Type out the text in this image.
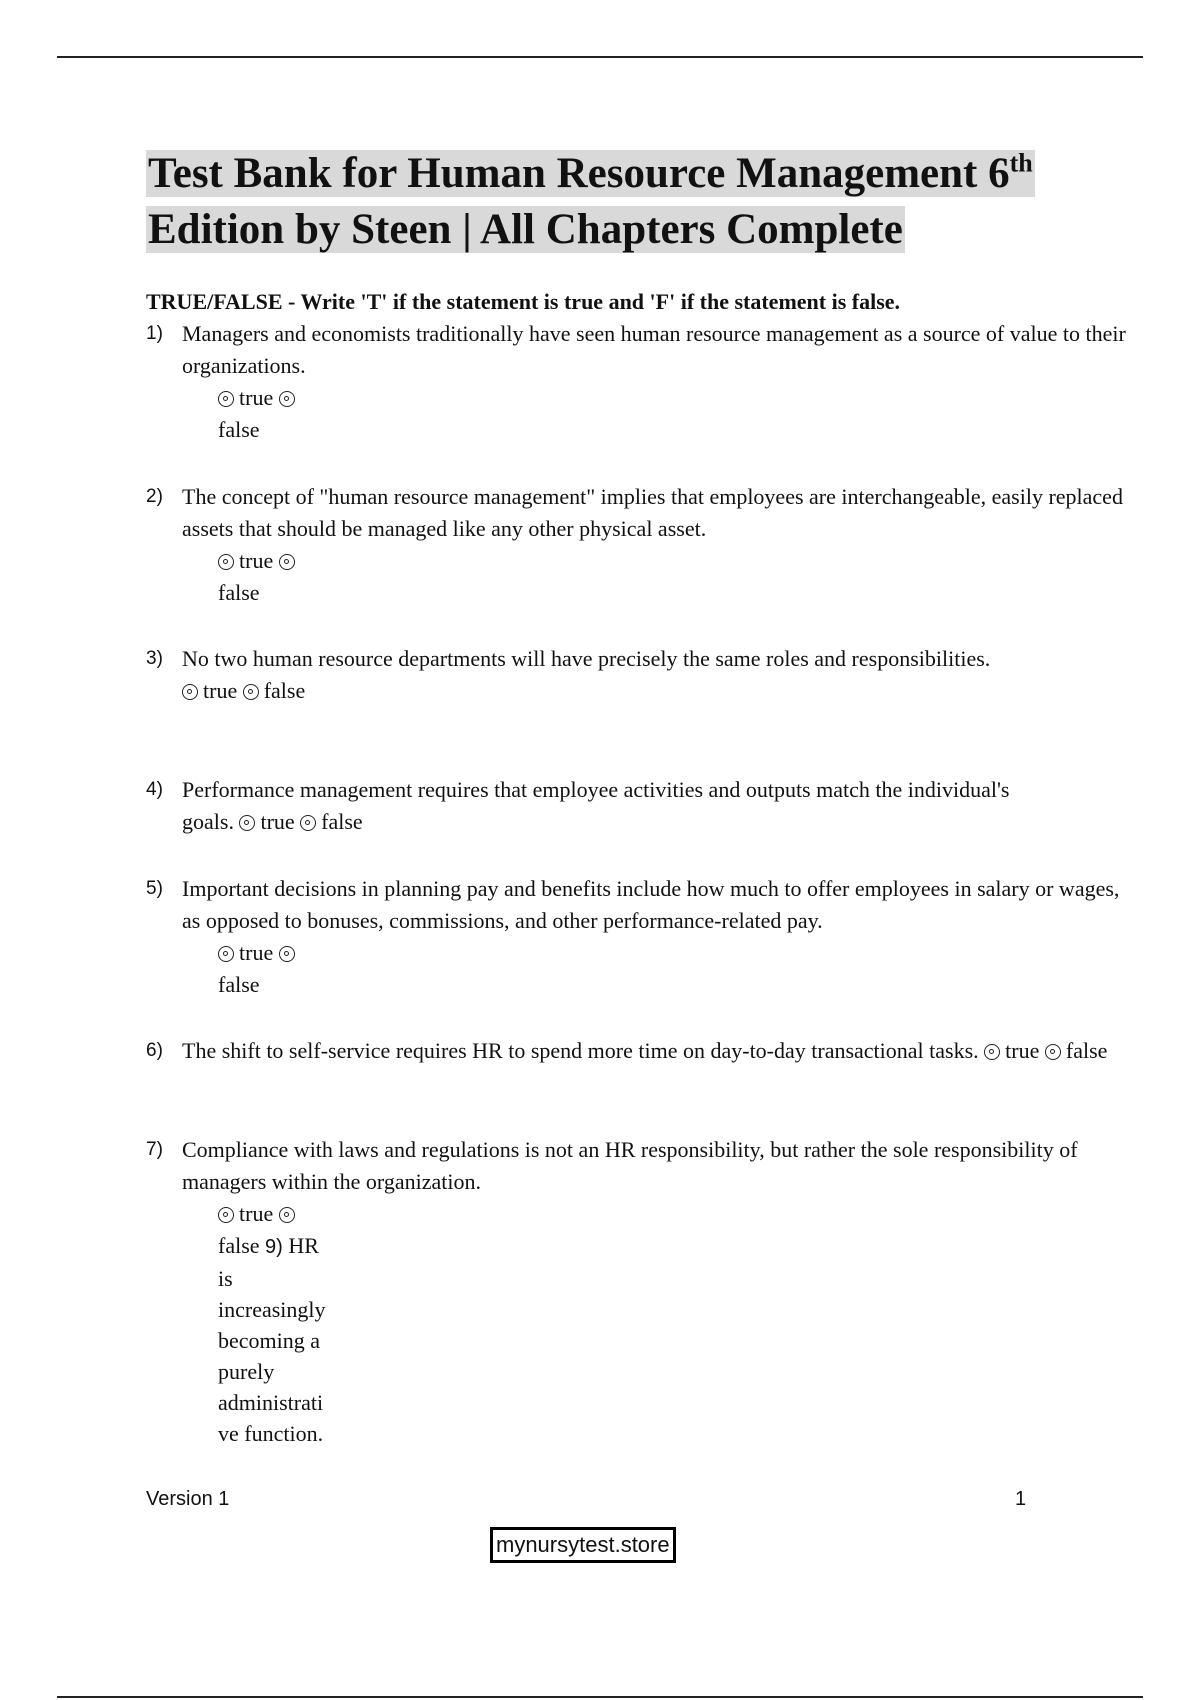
Test Bank for Human Resource Management 6th
Edition by Steen | All Chapters Complete

TRUE/FALSE - Write 'T' if the statement is true and 'F' if the statement is false.

1) Managers and economists traditionally have seen human resource management as a source of value to their organizations.
true
false
2) The concept of "human resource management" implies that employees are interchangeable, easily replaced assets that should be managed like any other physical asset.
true
false
3) No two human resource departments will have precisely the same roles and responsibilities.
true false
4) Performance management requires that employee activities and outputs match the individual's goals. true false
5) Important decisions in planning pay and benefits include how much to offer employees in salary or wages, as opposed to bonuses, commissions, and other performance-related pay.
true
false
6) The shift to self-service requires HR to spend more time on day-to-day transactional tasks. true false
7) Compliance with laws and regulations is not an HR responsibility, but rather the sole responsibility of managers within the organization.
true
false 9) HR
is
increasingly
becoming a
purely
administrati
ve function.
Version 1	1
mynursytest.store
